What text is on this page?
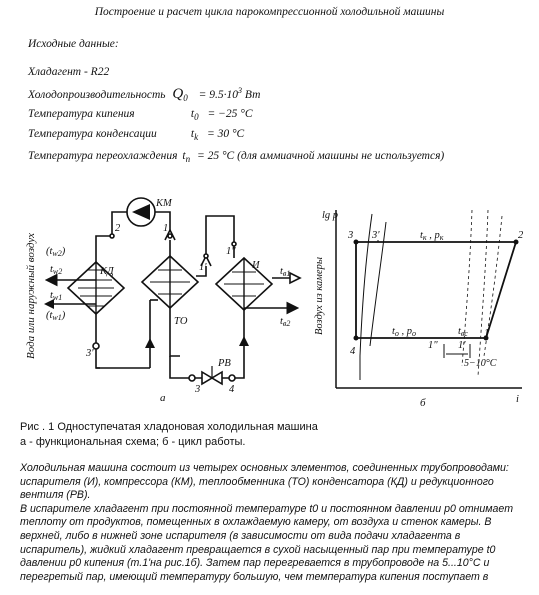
Построение и расчет цикла парокомпрессионной холодильной машины
Исходные данные:
Хладагент - R22
Холодопроизводительность $Q_0 = 9.5\cdot 10^3$ Вт
Температура кипения	$t_0 = -25$ °C
Температура конденсации	$t_k = 30$ °C
Температура переохлаждения $t_п = 25$ °C (для аммиачной машины не используется)
Вода или наружный воздух	КД
КМ
ТО
И
РВ
2	1
1'
1"
3'
3	4
а
(tw2)
tw2
tw1
(tw1)
tв1
tв2
lg p
i
Воздух из камеры
3 3'	2
4
1
1'
1"
tк , pк
tо , pо	tвс
5−10°С
б
Рис . 1 Одноступечатая хладоновая холодильная машина
а - функциональная схема; б - цикл работы.
Холодильная машина состоит из четырех основных элементов, соединенных трубопроводами:
испарителя (И), компрессора (КМ), теплообменника (ТО) конденсатора (КД) и редукционного
вентиля (РВ).
В испарителе хладагент при постоянной температуре t0 и постоянном давлении p0 отнимает
теплоту от продуктов, помещенных в охлаждаемую камеру, от воздуха и стенок камеры. В
верхней, либо в нижней зоне испарителя (в зависимости от вида подачи хладагента в
испаритель), жидкий хладагент превращается в сухой насыщенный пар при температуре t0
давлении p0 кипения (т.1'на рис.1б). Затем пар перегревается в трубопроводе на 5...10°С и
перегретый пар, имеющий температуру большую, чем температура кипения поступает в
